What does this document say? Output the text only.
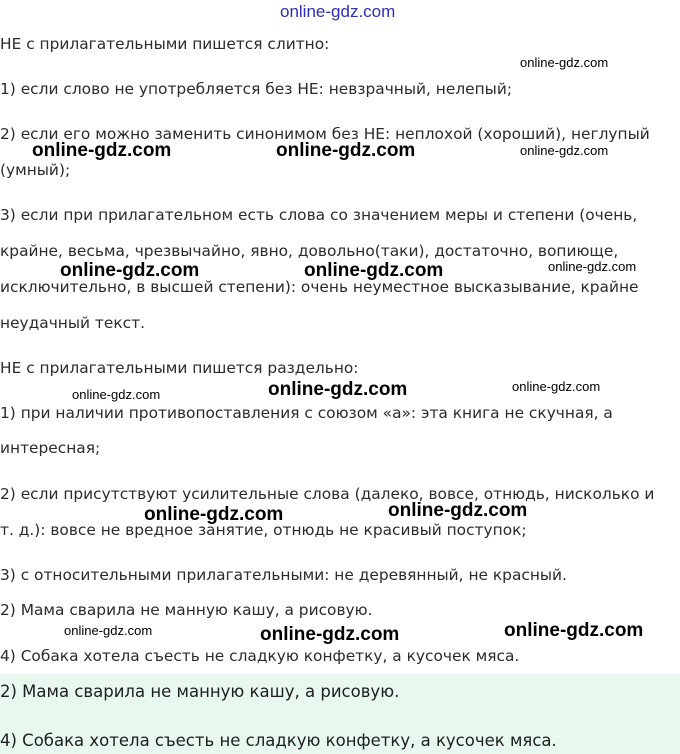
НЕ с прилагательными пишется слитно:

1) если слово не употребляется без НЕ: невзрачный, нелепый;

2) если его можно заменить синонимом без НЕ: неплохой (хороший), неглупый

(умный);

3) если при прилагательном есть слова со значением меры и степени (очень,

крайне, весьма, чрезвычайно, явно, довольно(таки), достаточно, вопиюще,

исключительно, в высшей степени): очень неуместное высказывание, крайне

неудачный текст.

НЕ с прилагательными пишется раздельно:

1) при наличии противопоставления с союзом «а»: эта книга не скучная, а

интересная;

2) если присутствуют усилительные слова (далеко, вовсе, отнюдь, нисколько и

т. д.): вовсе не вредное занятие, отнюдь не красивый поступок;

3) с относительными прилагательными: не деревянный, не красный.

2) Мама сварила не манную кашу, а рисовую.

4) Собака хотела съесть не сладкую конфетку, а кусочек мяса.

2) Мама сварила не манную кашу, а рисовую.

4) Собака хотела съесть не сладкую конфетку, а кусочек мяса.

online-gdz.com
online-gdz.com
online-gdz.com	online-gdz.com	online-gdz.com
online-gdz.com	online-gdz.com	online-gdz.com
online-gdz.com	online-gdz.com	online-gdz.com
online-gdz.com	online-gdz.com
online-gdz.com	online-gdz.com	online-gdz.com
